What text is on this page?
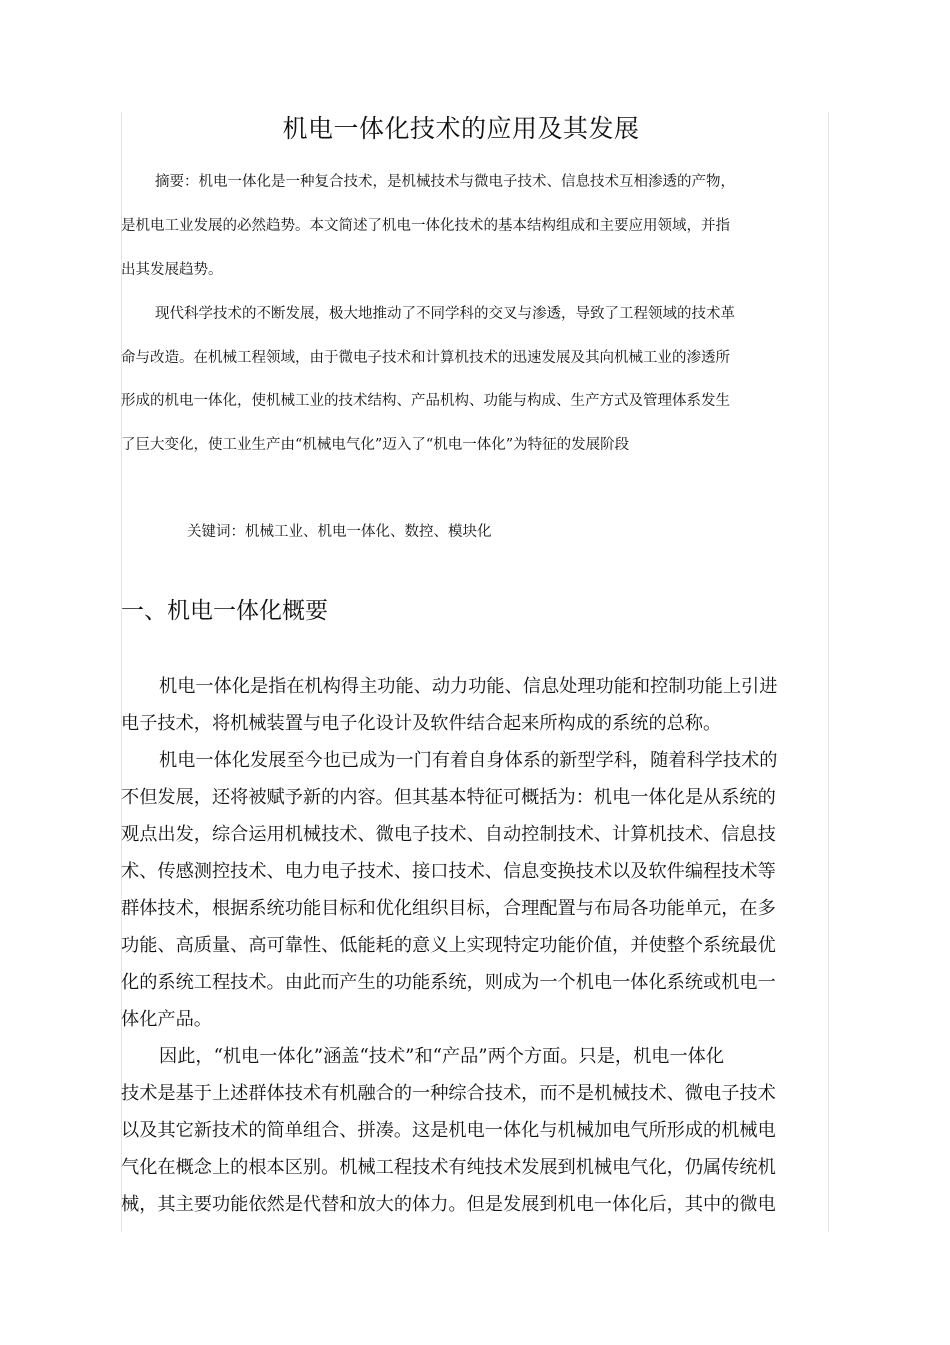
机电一体化技术的应用及其发展
摘要：机电一体化是一种复合技术，是机械技术与微电子技术、信息技术互相渗透的产物，
是机电工业发展的必然趋势。本文简述了机电一体化技术的基本结构组成和主要应用领域，并指
出其发展趋势。
现代科学技术的不断发展，极大地推动了不同学科的交叉与渗透，导致了工程领域的技术革
命与改造。在机械工程领域，由于微电子技术和计算机技术的迅速发展及其向机械工业的渗透所
形成的机电一体化，使机械工业的技术结构、产品机构、功能与构成、生产方式及管理体系发生
了巨大变化，使工业生产由“机械电气化”迈入了“机电一体化”为特征的发展阶段
关键词：机械工业、机电一体化、数控、模块化
一、机电一体化概要
机电一体化是指在机构得主功能、动力功能、信息处理功能和控制功能上引进
电子技术，将机械装置与电子化设计及软件结合起来所构成的系统的总称。
机电一体化发展至今也已成为一门有着自身体系的新型学科，随着科学技术的
不但发展，还将被赋予新的内容。但其基本特征可概括为：机电一体化是从系统的
观点出发，综合运用机械技术、微电子技术、自动控制技术、计算机技术、信息技
术、传感测控技术、电力电子技术、接口技术、信息变换技术以及软件编程技术等
群体技术，根据系统功能目标和优化组织目标，合理配置与布局各功能单元，在多
功能、高质量、高可靠性、低能耗的意义上实现特定功能价值，并使整个系统最优
化的系统工程技术。由此而产生的功能系统，则成为一个机电一体化系统或机电一
体化产品。
因此，“机电一体化”涵盖“技术”和“产品”两个方面。只是，机电一体化
技术是基于上述群体技术有机融合的一种综合技术，而不是机械技术、微电子技术
以及其它新技术的简单组合、拼凑。这是机电一体化与机械加电气所形成的机械电
气化在概念上的根本区别。机械工程技术有纯技术发展到机械电气化，仍属传统机
械，其主要功能依然是代替和放大的体力。但是发展到机电一体化后，其中的微电
